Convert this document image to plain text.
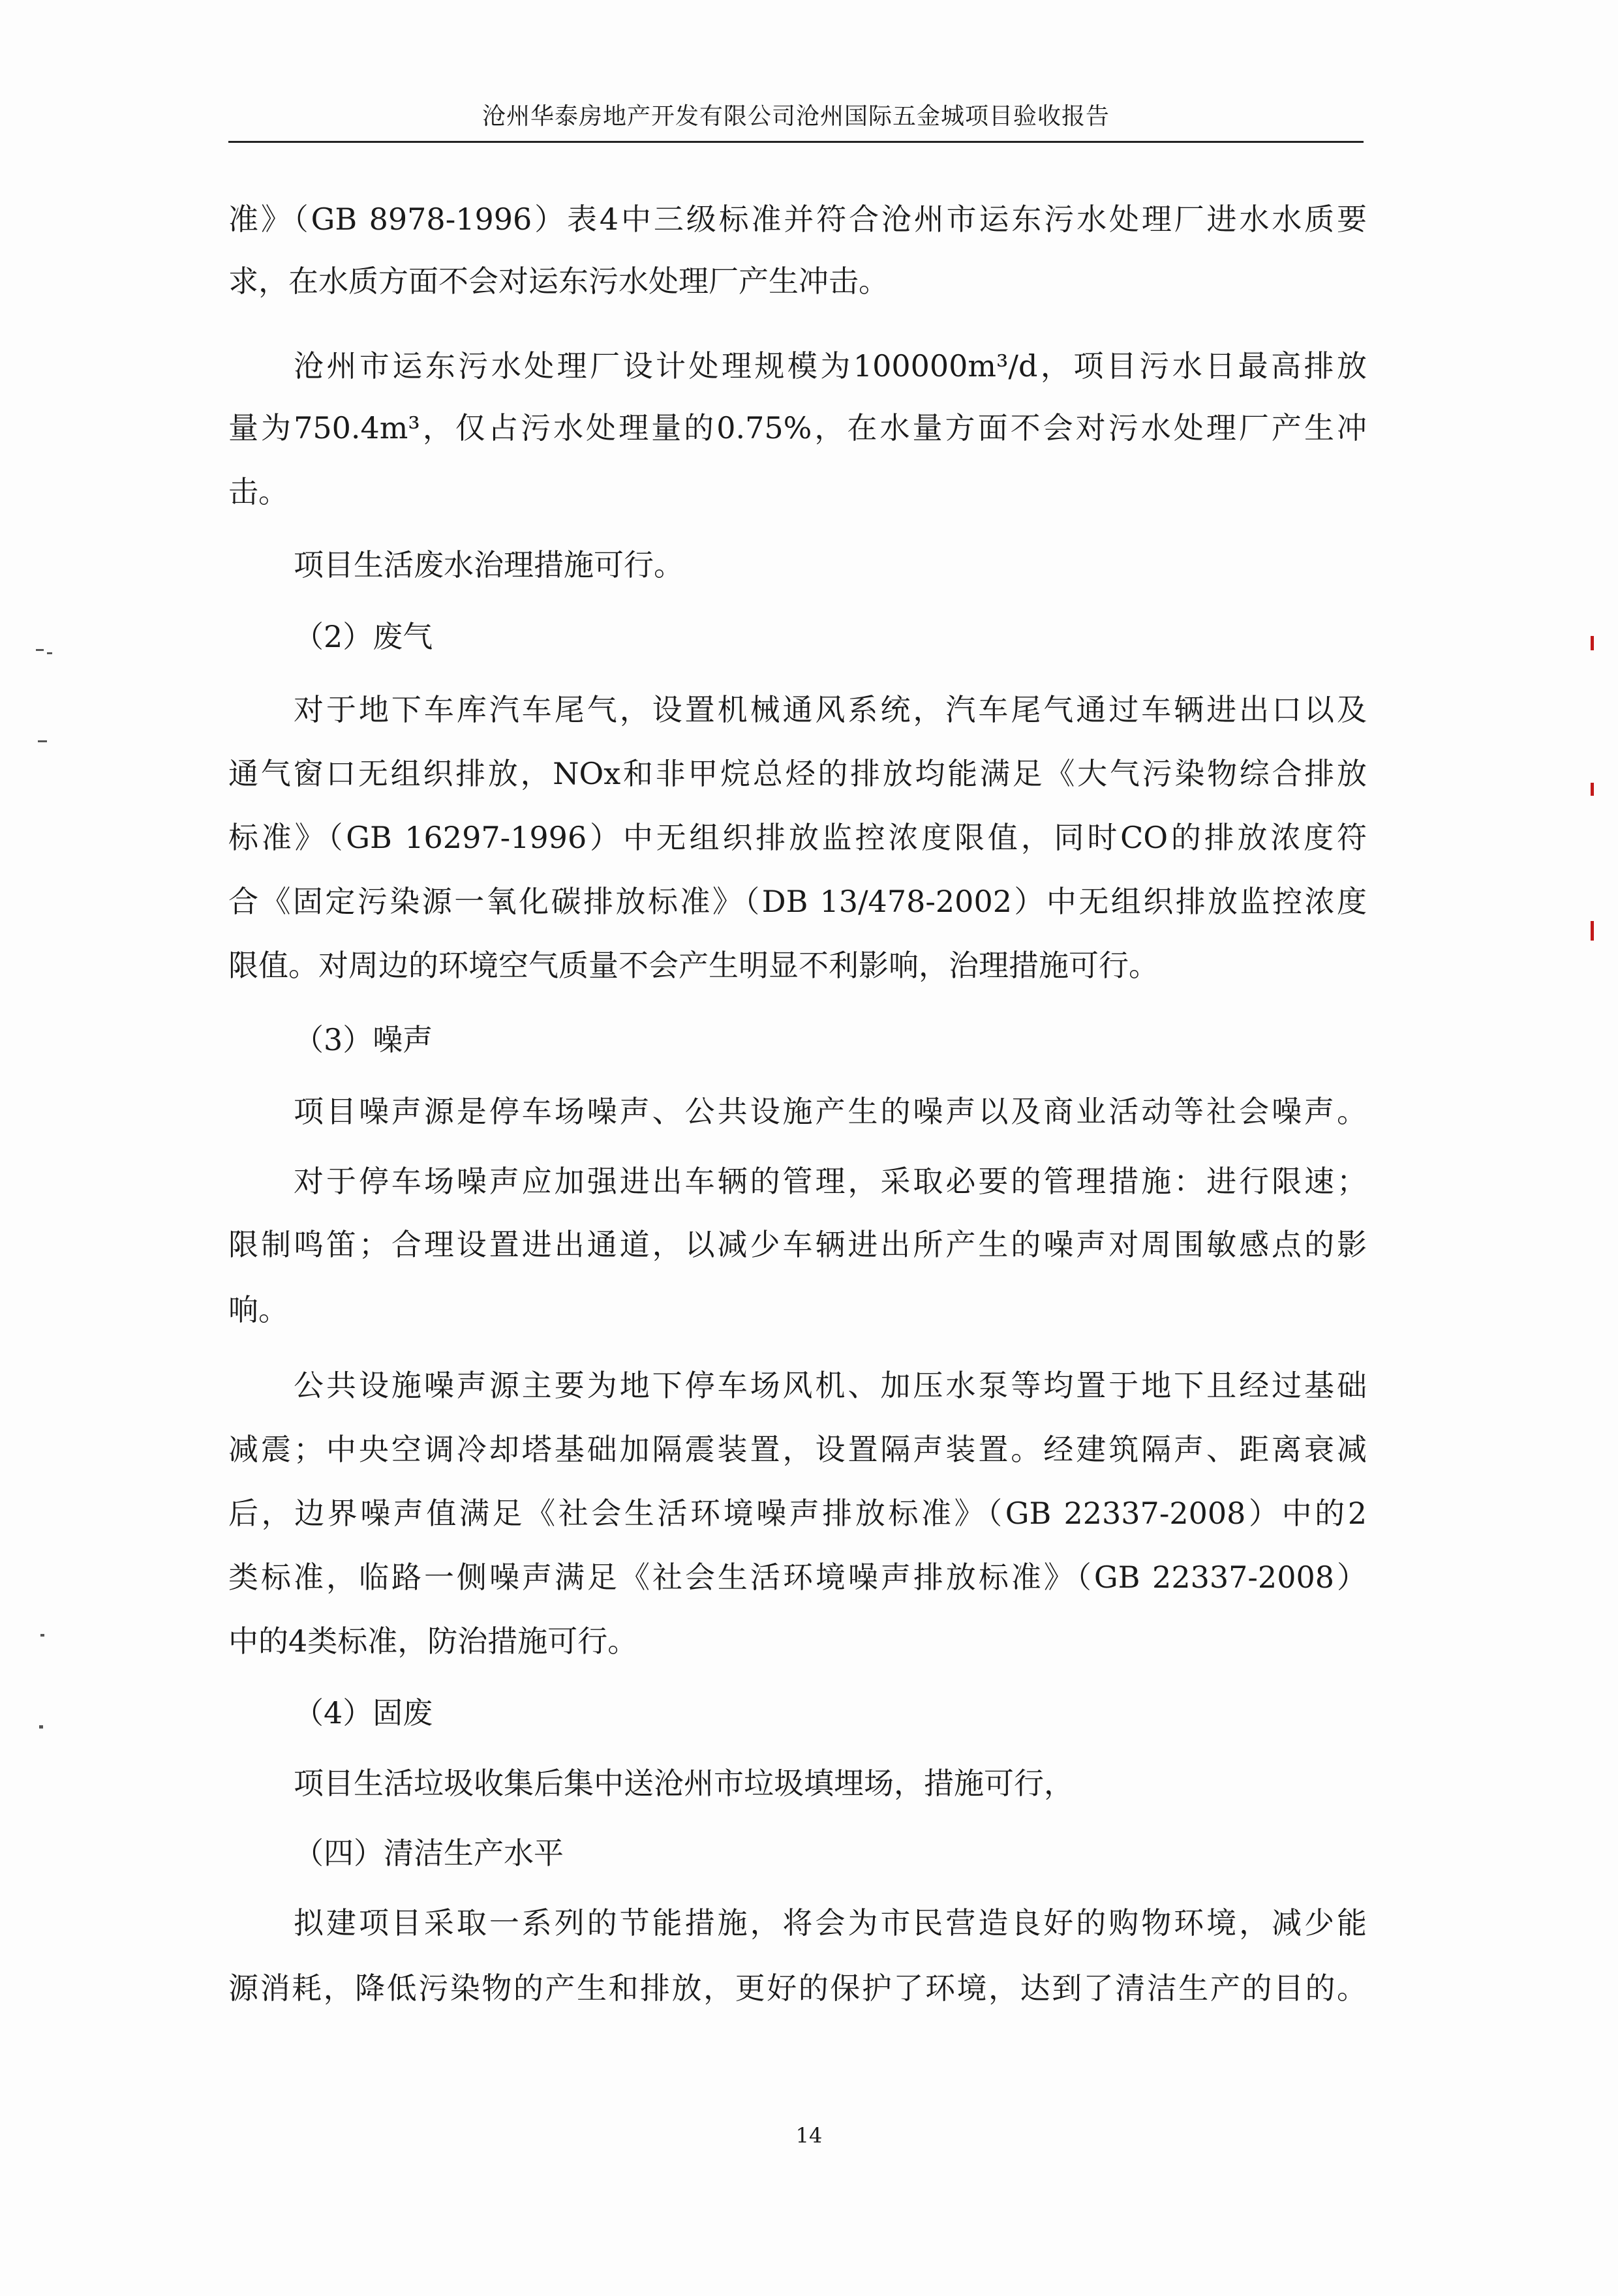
沧州华泰房地产开发有限公司沧州国际五金城项目验收报告
准》（GB 8978-1996）表4中三级标准并符合沧州市运东污水处理厂进水水质要
求，在水质方面不会对运东污水处理厂产生冲击。
沧州市运东污水处理厂设计处理规模为100000m³/d，项目污水日最高排放
量为750.4m³，仅占污水处理量的0.75%，在水量方面不会对污水处理厂产生冲
击。
项目生活废水治理措施可行。
（2）废气
对于地下车库汽车尾气，设置机械通风系统，汽车尾气通过车辆进出口以及
通气窗口无组织排放，NOx和非甲烷总烃的排放均能满足《大气污染物综合排放
标准》（GB 16297-1996）中无组织排放监控浓度限值，同时CO的排放浓度符
合《固定污染源一氧化碳排放标准》（DB 13/478-2002）中无组织排放监控浓度
限值。对周边的环境空气质量不会产生明显不利影响，治理措施可行。
（3）噪声
项目噪声源是停车场噪声、公共设施产生的噪声以及商业活动等社会噪声。
对于停车场噪声应加强进出车辆的管理，采取必要的管理措施：进行限速；
限制鸣笛；合理设置进出通道，以减少车辆进出所产生的噪声对周围敏感点的影
响。
公共设施噪声源主要为地下停车场风机、加压水泵等均置于地下且经过基础
减震；中央空调冷却塔基础加隔震装置，设置隔声装置。经建筑隔声、距离衰减
后，边界噪声值满足《社会生活环境噪声排放标准》（GB 22337-2008）中的2
类标准，临路一侧噪声满足《社会生活环境噪声排放标准》（GB 22337-2008）
中的4类标准，防治措施可行。
（4）固废
项目生活垃圾收集后集中送沧州市垃圾填埋场，措施可行，
（四）清洁生产水平
拟建项目采取一系列的节能措施，将会为市民营造良好的购物环境，减少能
源消耗，降低污染物的产生和排放，更好的保护了环境，达到了清洁生产的目的。
14
